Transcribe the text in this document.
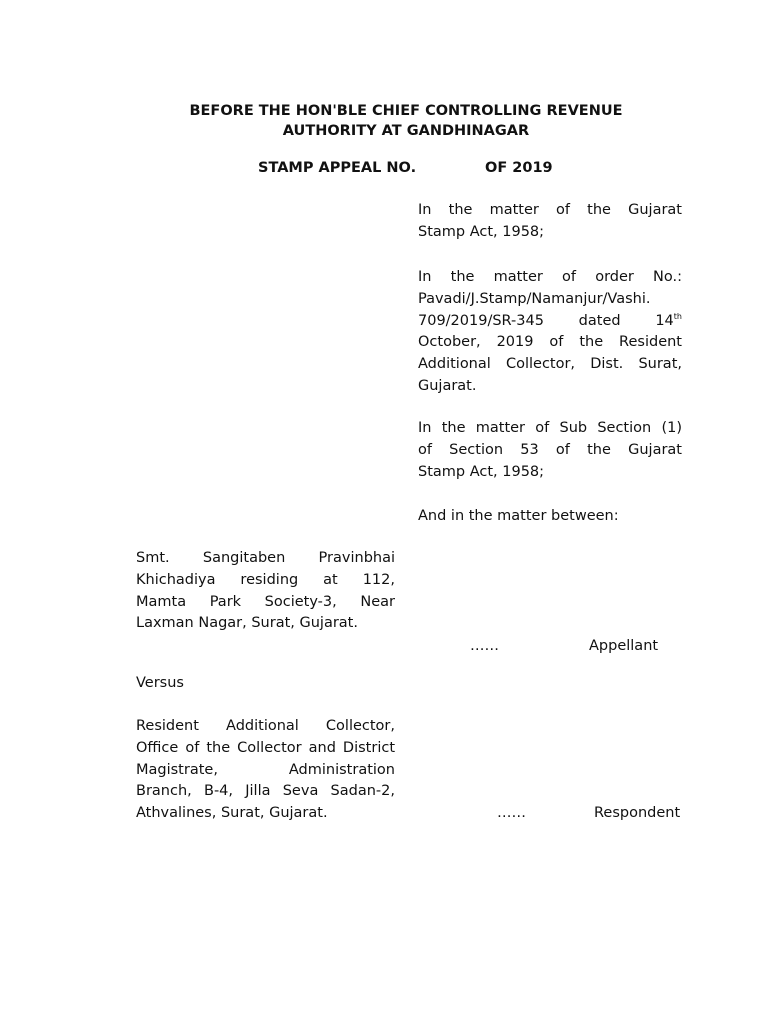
BEFORE THE HON'BLE CHIEF CONTROLLING REVENUE

AUTHORITY AT GANDHINAGAR

STAMP APPEAL NO.	OF 2019
In the matter of the Gujarat
Stamp Act, 1958;
In the matter of order No.:
Pavadi/J.Stamp/Namanjur/Vashi.
709/2019/SR-345 dated 14th
October, 2019 of the Resident
Additional Collector, Dist. Surat,
Gujarat.
In the matter of Sub Section (1)
of Section 53 of the Gujarat
Stamp Act, 1958;
And in the matter between:
Smt. Sangitaben Pravinbhai
Khichadiya residing at 112,
Mamta Park Society-3, Near
Laxman Nagar, Surat, Gujarat.
……	Appellant
Versus
Resident Additional Collector,
Office of the Collector and District
Magistrate, Administration
Branch, B-4, Jilla Seva Sadan-2,
Athvalines, Surat, Gujarat.	……	Respondent
